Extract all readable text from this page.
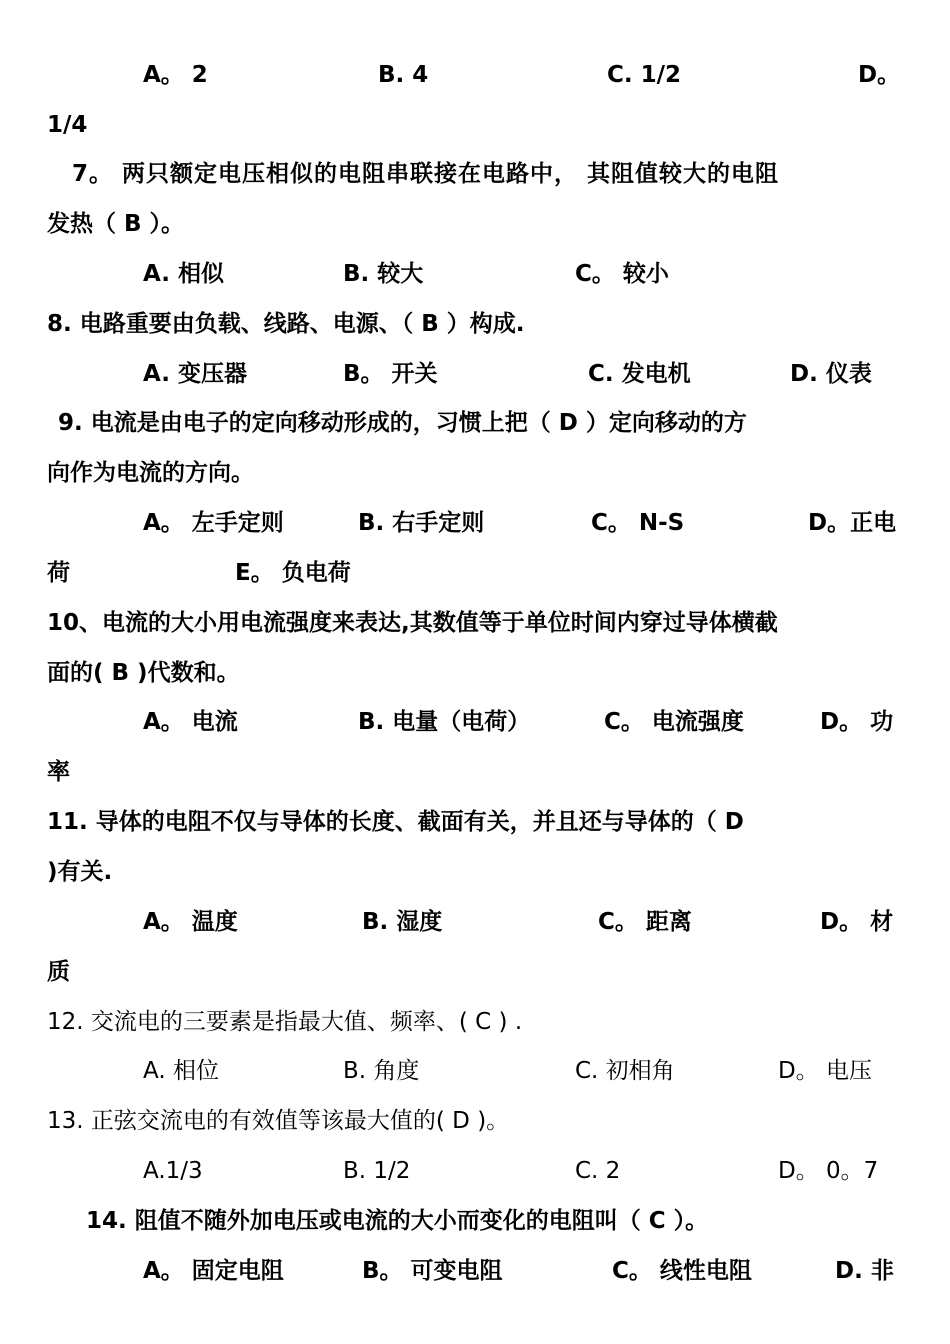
A。 2	B. 4	C. 1/2	D。
1/4
7。 两只额定电压相似的电阻串联接在电路中， 其阻值较大的电阻
发热（ B ）。
A. 相似	B. 较大	C。 较小
8. 电路重要由负载、线路、电源、（ B ）构成.
A. 变压器	B。 开关	C. 发电机	D. 仪表
9. 电流是由电子的定向移动形成的，习惯上把（ D ）定向移动的方
向作为电流的方向。
A。 左手定则	B. 右手定则	C。 N-S	D。正电
荷	E。 负电荷
10、电流的大小用电流强度来表达,其数值等于单位时间内穿过导体横截
面的( B )代数和。
A。 电流	B. 电量（电荷）	C。 电流强度	D。 功
率
11. 导体的电阻不仅与导体的长度、截面有关，并且还与导体的（ D
)有关.
A。 温度	B. 湿度	C。 距离	D。 材
质
12. 交流电的三要素是指最大值、频率、( C ) .
A. 相位	B. 角度	C. 初相角	D。 电压
13. 正弦交流电的有效值等该最大值的( D )。
A.1/3	B. 1/2	C. 2	D。 0。7
14. 阻值不随外加电压或电流的大小而变化的电阻叫（ C ）。
A。 固定电阻	B。 可变电阻	C。 线性电阻	D. 非
